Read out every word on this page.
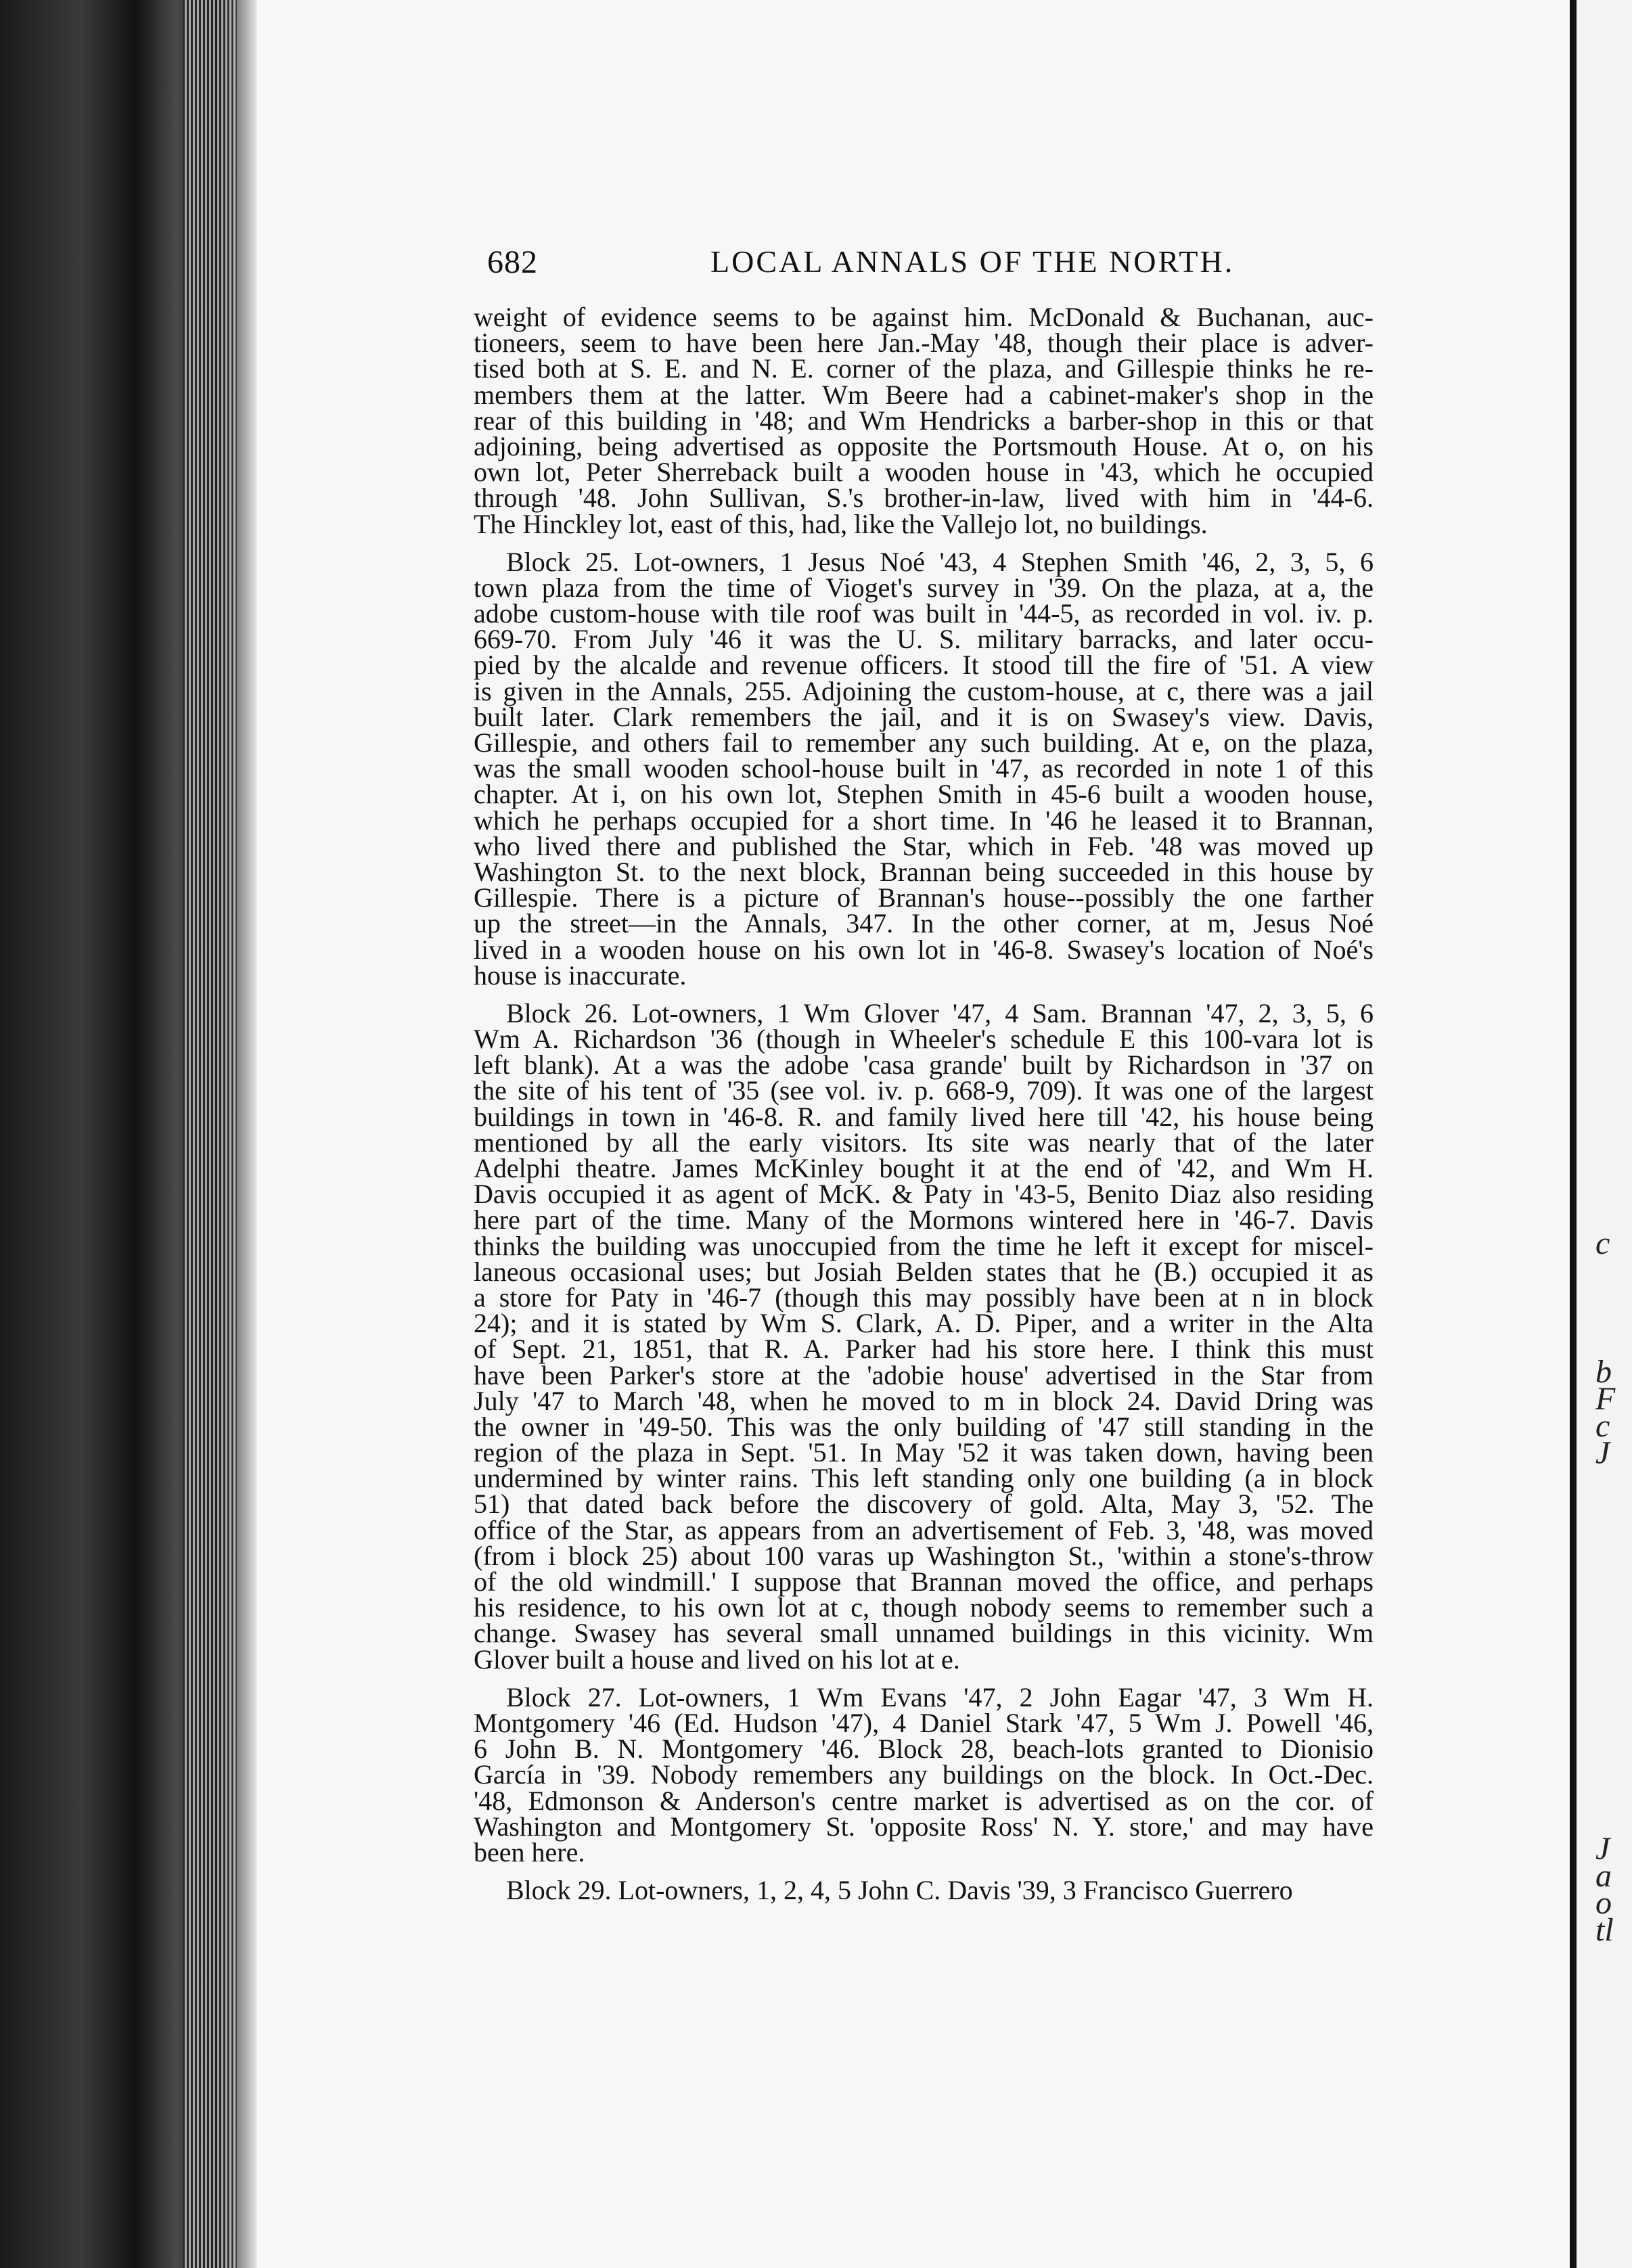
c
b
F
c
J
J
a
o
tl
682	LOCAL ANNALS OF THE NORTH.
weight of evidence seems to be against him. McDonald & Buchanan, auc-
tioneers, seem to have been here Jan.-May '48, though their place is adver-
tised both at S. E. and N. E. corner of the plaza, and Gillespie thinks he re-
members them at the latter. Wm Beere had a cabinet-maker's shop in the
rear of this building in '48; and Wm Hendricks a barber-shop in this or that
adjoining, being advertised as opposite the Portsmouth House. At o, on his
own lot, Peter Sherreback built a wooden house in '43, which he occupied
through '48. John Sullivan, S.'s brother-in-law, lived with him in '44-6.
The Hinckley lot, east of this, had, like the Vallejo lot, no buildings.
Block 25. Lot-owners, 1 Jesus Noé '43, 4 Stephen Smith '46, 2, 3, 5, 6
town plaza from the time of Vioget's survey in '39. On the plaza, at a, the
adobe custom-house with tile roof was built in '44-5, as recorded in vol. iv. p.
669-70. From July '46 it was the U. S. military barracks, and later occu-
pied by the alcalde and revenue officers. It stood till the fire of '51. A view
is given in the Annals, 255. Adjoining the custom-house, at c, there was a jail
built later. Clark remembers the jail, and it is on Swasey's view. Davis,
Gillespie, and others fail to remember any such building. At e, on the plaza,
was the small wooden school-house built in '47, as recorded in note 1 of this
chapter. At i, on his own lot, Stephen Smith in 45-6 built a wooden house,
which he perhaps occupied for a short time. In '46 he leased it to Brannan,
who lived there and published the Star, which in Feb. '48 was moved up
Washington St. to the next block, Brannan being succeeded in this house by
Gillespie. There is a picture of Brannan's house--possibly the one farther
up the street—in the Annals, 347. In the other corner, at m, Jesus Noé
lived in a wooden house on his own lot in '46-8. Swasey's location of Noé's
house is inaccurate.
Block 26. Lot-owners, 1 Wm Glover '47, 4 Sam. Brannan '47, 2, 3, 5, 6
Wm A. Richardson '36 (though in Wheeler's schedule E this 100-vara lot is
left blank). At a was the adobe 'casa grande' built by Richardson in '37 on
the site of his tent of '35 (see vol. iv. p. 668-9, 709). It was one of the largest
buildings in town in '46-8. R. and family lived here till '42, his house being
mentioned by all the early visitors. Its site was nearly that of the later
Adelphi theatre. James McKinley bought it at the end of '42, and Wm H.
Davis occupied it as agent of McK. & Paty in '43-5, Benito Diaz also residing
here part of the time. Many of the Mormons wintered here in '46-7. Davis
thinks the building was unoccupied from the time he left it except for miscel-
laneous occasional uses; but Josiah Belden states that he (B.) occupied it as
a store for Paty in '46-7 (though this may possibly have been at n in block
24); and it is stated by Wm S. Clark, A. D. Piper, and a writer in the Alta
of Sept. 21, 1851, that R. A. Parker had his store here. I think this must
have been Parker's store at the 'adobie house' advertised in the Star from
July '47 to March '48, when he moved to m in block 24. David Dring was
the owner in '49-50. This was the only building of '47 still standing in the
region of the plaza in Sept. '51. In May '52 it was taken down, having been
undermined by winter rains. This left standing only one building (a in block
51) that dated back before the discovery of gold. Alta, May 3, '52. The
office of the Star, as appears from an advertisement of Feb. 3, '48, was moved
(from i block 25) about 100 varas up Washington St., 'within a stone's-throw
of the old windmill.' I suppose that Brannan moved the office, and perhaps
his residence, to his own lot at c, though nobody seems to remember such a
change. Swasey has several small unnamed buildings in this vicinity. Wm
Glover built a house and lived on his lot at e.
Block 27. Lot-owners, 1 Wm Evans '47, 2 John Eagar '47, 3 Wm H.
Montgomery '46 (Ed. Hudson '47), 4 Daniel Stark '47, 5 Wm J. Powell '46,
6 John B. N. Montgomery '46. Block 28, beach-lots granted to Dionisio
García in '39. Nobody remembers any buildings on the block. In Oct.-Dec.
'48, Edmonson & Anderson's centre market is advertised as on the cor. of
Washington and Montgomery St. 'opposite Ross' N. Y. store,' and may have
been here.
Block 29. Lot-owners, 1, 2, 4, 5 John C. Davis '39, 3 Francisco Guerrero
